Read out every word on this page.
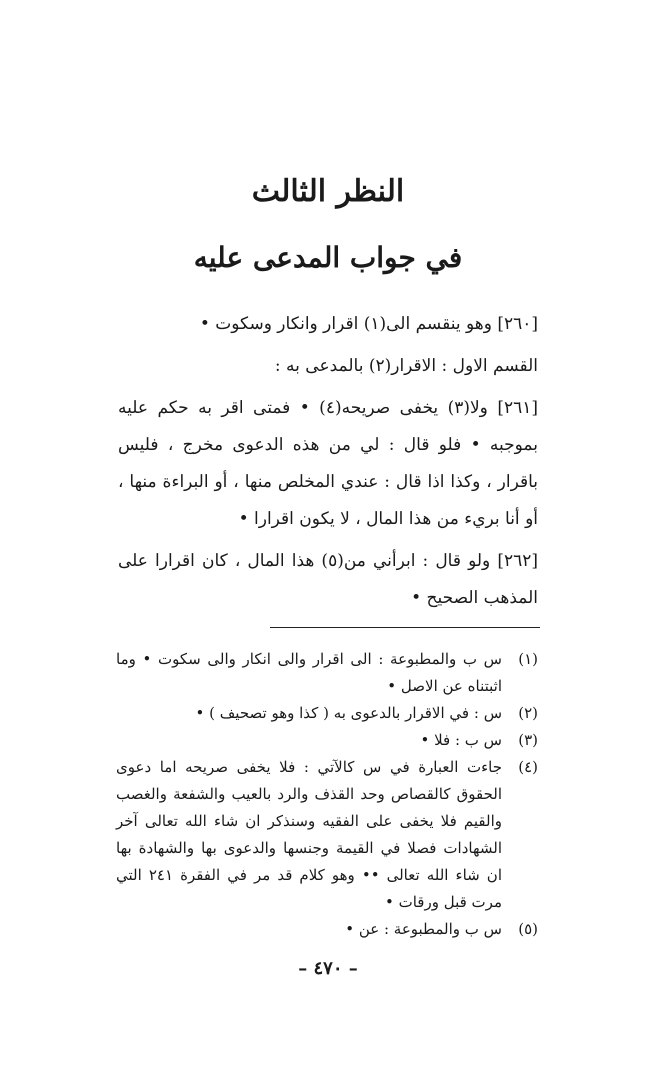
النظر الثالث
في جواب المدعى عليه

[٢٦٠] وهو ينقسم الى(١) اقرار وانكار وسكوت •

القسم الاول : الاقرار(٢) بالمدعى به :

[٢٦١] ولا(٣) يخفى صريحه(٤) • فمتى اقر به حكم عليه بموجبه • فلو قال : لي من هذه الدعوى مخرج ، فليس باقرار ، وكذا اذا قال : عندي المخلص منها ، أو البراءة منها ، أو أنا بريء من هذا المال ، لا يكون اقرارا •

[٢٦٢] ولو قال : ابرأني من(٥) هذا المال ، كان اقرارا على المذهب الصحيح •

(١)
س ب والمطبوعة : الى اقرار والى انكار والى سكوت • وما اثبتناه عن الاصل •
(٢)
س : في الاقرار بالدعوى به ( كذا وهو تصحيف ) •
(٣)
س ب : فلا •
(٤)
جاءت العبارة في س كالآتي : فلا يخفى صريحه اما دعوى الحقوق كالقصاص وحد القذف والرد بالعيب والشفعة والغصب والقيم فلا يخفى على الفقيه وسنذكر ان شاء الله تعالى آخر الشهادات فصلا في القيمة وجنسها والدعوى بها والشهادة بها ان شاء الله تعالى •• وهو كلام قد مر في الفقرة ٢٤١ التي مرت قبل ورقات •
(٥)
س ب والمطبوعة : عن •
– ٤٧٠ –
